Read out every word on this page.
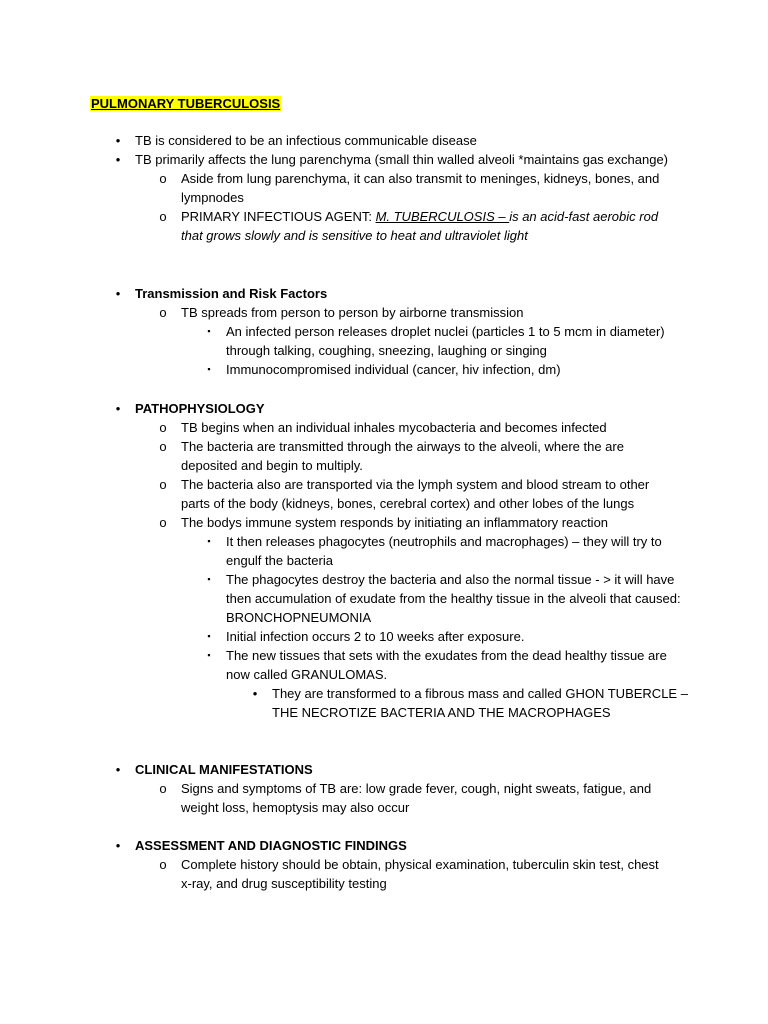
PULMONARY TUBERCULOSIS
• TB is considered to be an infectious communicable disease
• TB primarily affects the lung parenchyma (small thin walled alveoli *maintains gas exchange)
o Aside from lung parenchyma, it can also transmit to meninges, kidneys, bones, and lympnodes
o PRIMARY INFECTIOUS AGENT: M. TUBERCULOSIS – is an acid-fast aerobic rod that grows slowly and is sensitive to heat and ultraviolet light
• Transmission and Risk Factors
o TB spreads from person to person by airborne transmission
▪	An infected person releases droplet nuclei (particles 1 to 5 mcm in diameter) through talking, coughing, sneezing, laughing or singing
▪	Immunocompromised individual (cancer, hiv infection, dm)
• PATHOPHYSIOLOGY
o TB begins when an individual inhales mycobacteria and becomes infected
o The bacteria are transmitted through the airways to the alveoli, where the are deposited and begin to multiply.
o The bacteria also are transported via the lymph system and blood stream to other parts of the body (kidneys, bones, cerebral cortex) and other lobes of the lungs
o The bodys immune system responds by initiating an inflammatory reaction
▪	It then releases phagocytes (neutrophils and macrophages) – they will try to engulf the bacteria
▪	The phagocytes destroy the bacteria and also the normal tissue - > it will have then accumulation of exudate from the healthy tissue in the alveoli that caused: BRONCHOPNEUMONIA
▪	Initial infection occurs 2 to 10 weeks after exposure.
▪	The new tissues that sets with the exudates from the dead healthy tissue are now called GRANULOMAS.
• They are transformed to a fibrous mass and called GHON TUBERCLE – THE NECROTIZE BACTERIA AND THE MACROPHAGES
• CLINICAL MANIFESTATIONS
o Signs and symptoms of TB are: low grade fever, cough, night sweats, fatigue, and weight loss, hemoptysis may also occur
• ASSESSMENT AND DIAGNOSTIC FINDINGS
o Complete history should be obtain, physical examination, tuberculin skin test, chest x-ray, and drug susceptibility testing
